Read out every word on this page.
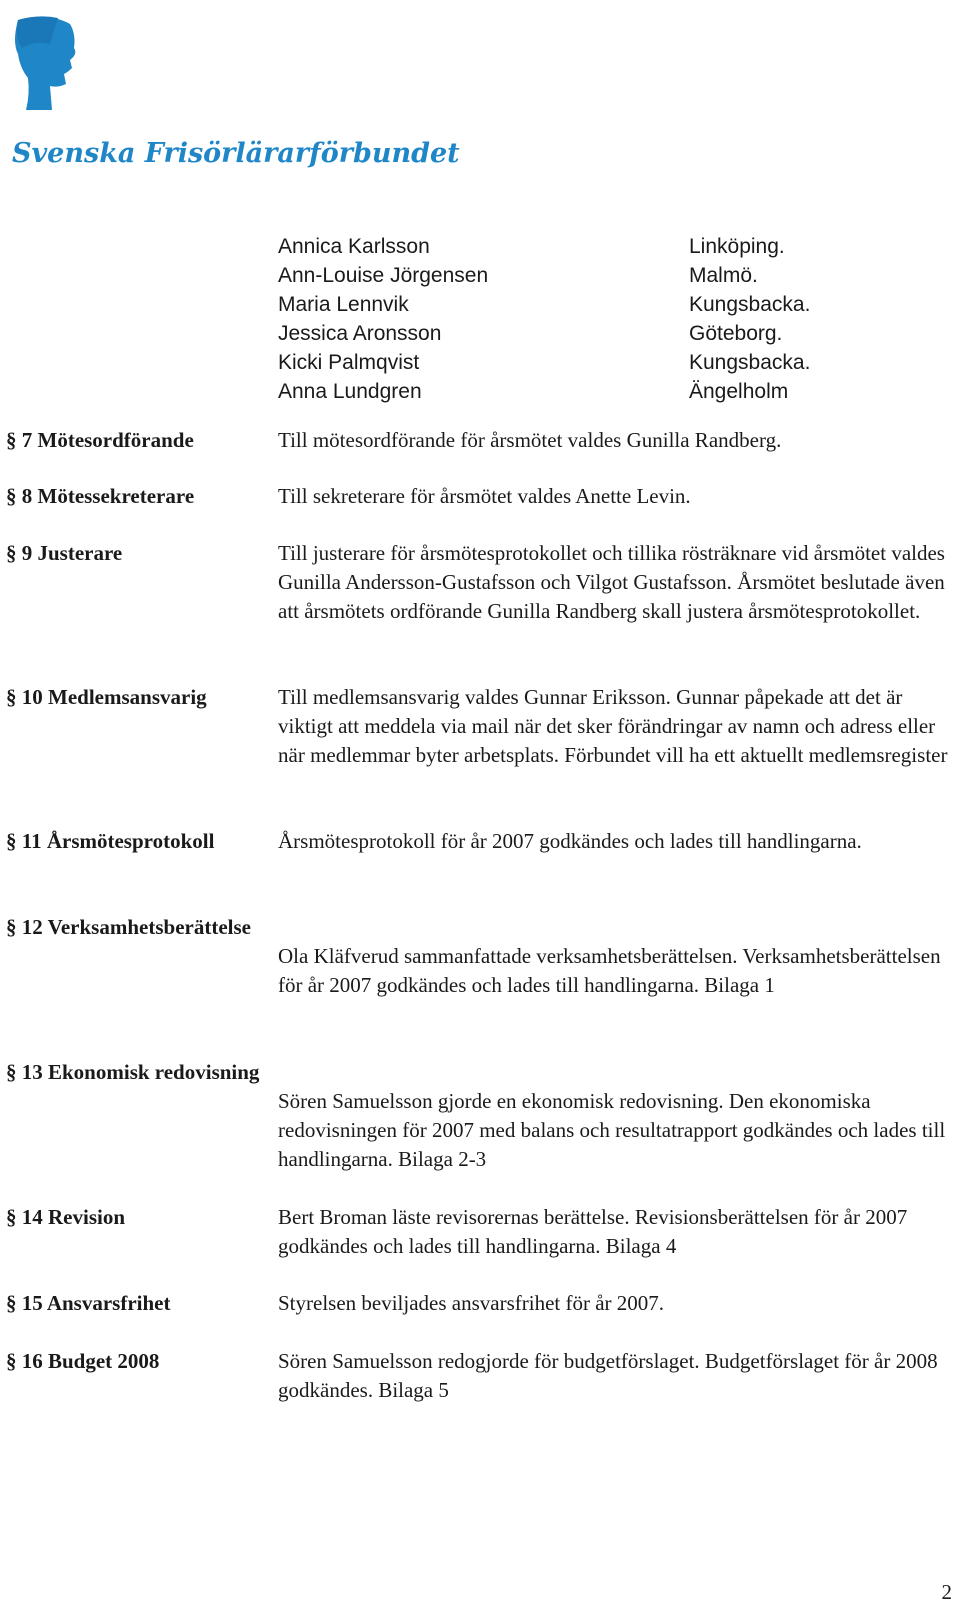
Svenska Frisörlärarförbundet
Annica Karlsson	Linköping.
Ann-Louise Jörgensen	Malmö.
Maria Lennvik	Kungsbacka.
Jessica Aronsson	Göteborg.
Kicki Palmqvist	Kungsbacka.
Anna Lundgren	Ängelholm
§ 7 Mötesordförande	Till mötesordförande för årsmötet valdes Gunilla Randberg.
§ 8 Mötessekreterare	Till sekreterare för årsmötet valdes Anette Levin.
§ 9 Justerare	Till justerare för årsmötesprotokollet och tillika rösträknare vid årsmötet valdes Gunilla Andersson-Gustafsson och Vilgot Gustafsson. Årsmötet beslutade även att årsmötets ordförande Gunilla Randberg skall justera årsmötesprotokollet.
§ 10 Medlemsansvarig	Till medlemsansvarig valdes Gunnar Eriksson. Gunnar påpekade att det är viktigt att meddela via mail när det sker förändringar av namn och adress eller när medlemmar byter arbetsplats. Förbundet vill ha ett aktuellt medlemsregister
§ 11 Årsmötesprotokoll	Årsmötesprotokoll för år 2007 godkändes och lades till handlingarna.
§ 12 Verksamhetsberättelse
Ola Kläfverud sammanfattade verksamhetsberättelsen. Verksamhetsberättelsen för år 2007 godkändes och lades till handlingarna. Bilaga 1
§ 13 Ekonomisk redovisning
Sören Samuelsson gjorde en ekonomisk redovisning. Den ekonomiska redovisningen för 2007 med balans och resultatrapport godkändes och lades till handlingarna. Bilaga 2-3
§ 14 Revision	Bert Broman läste revisorernas berättelse. Revisionsberättelsen för år 2007 godkändes och lades till handlingarna. Bilaga 4
§ 15 Ansvarsfrihet	Styrelsen beviljades ansvarsfrihet för år 2007.
§ 16 Budget 2008	Sören Samuelsson redogjorde för budgetförslaget. Budgetförslaget för år 2008 godkändes. Bilaga 5
2
